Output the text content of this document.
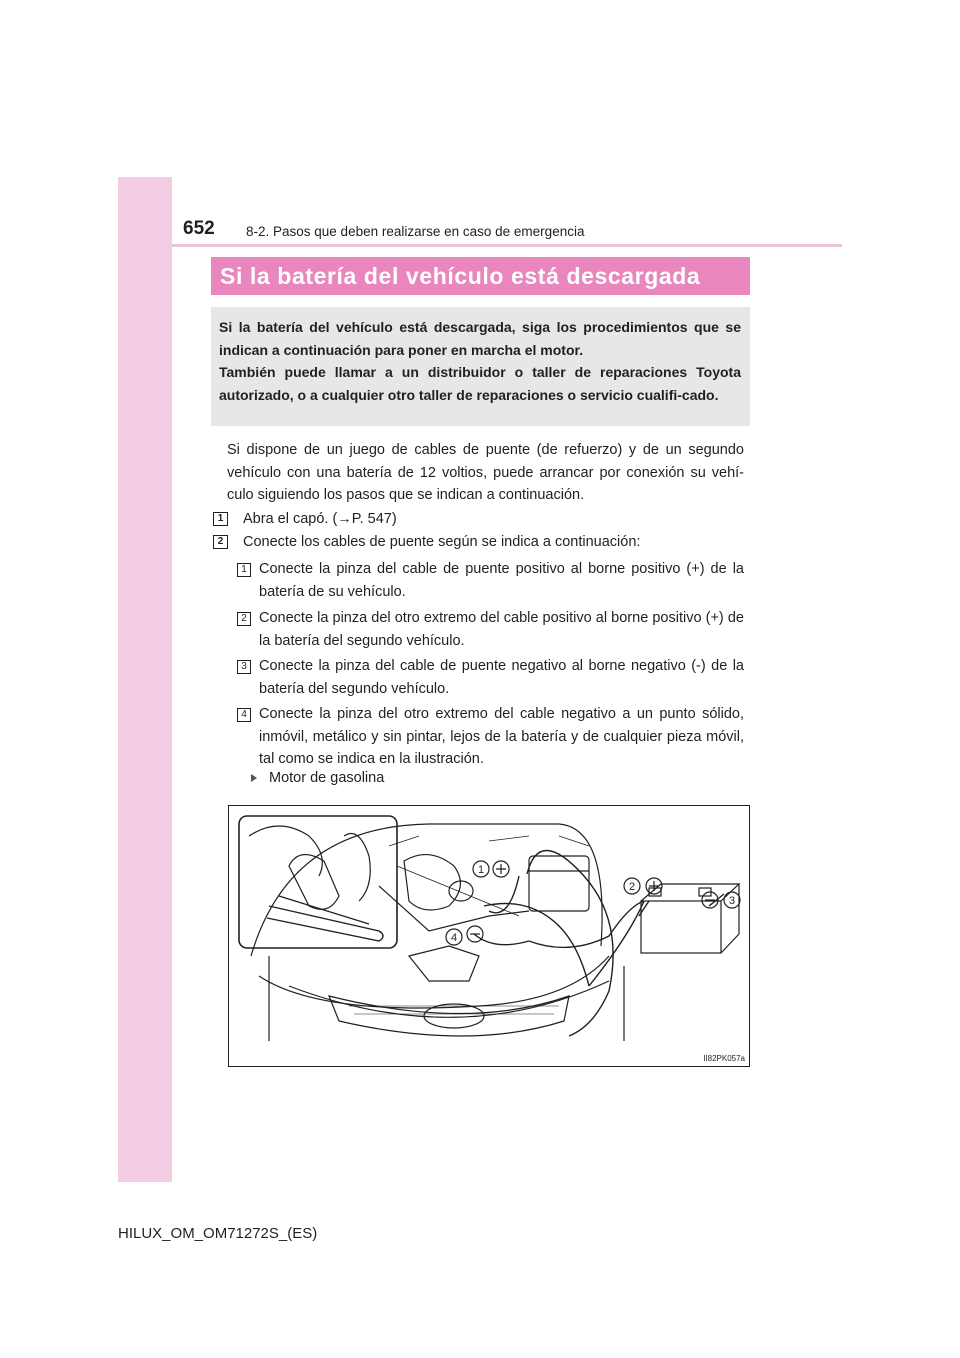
652 8-2. Pasos que deben realizarse en caso de emergencia
Si la batería del vehículo está descargada

Si la batería del vehículo está descargada, siga los procedimientos que se indican a continuación para poner en marcha el motor.

También puede llamar a un distribuidor o taller de reparaciones Toyota autorizado, o a cualquier otro taller de reparaciones o servicio cualifi-cado.

Si dispone de un juego de cables de puente (de refuerzo) y de un segundo vehículo con una batería de 12 voltios, puede arrancar por conexión su vehí-culo siguiendo los pasos que se indican a continuación.

1	Abra el capó. (→P. 547)
2	Conecte los cables de puente según se indica a continuación:
1 Conecte la pinza del cable de puente positivo al borne positivo (+) de la batería de su vehículo.

2 Conecte la pinza del otro extremo del cable positivo al borne positivo (+) de la batería del segundo vehículo.

3 Conecte la pinza del cable de puente negativo al borne negativo (-) de la batería del segundo vehículo.

4 Conecte la pinza del otro extremo del cable negativo a un punto sólido, inmóvil, metálico y sin pintar, lejos de la batería y de cualquier pieza móvil, tal como se indica en la ilustración.

Motor de gasolina
1
2
3
4
II82PK057a
HILUX_OM_OM71272S_(ES)
